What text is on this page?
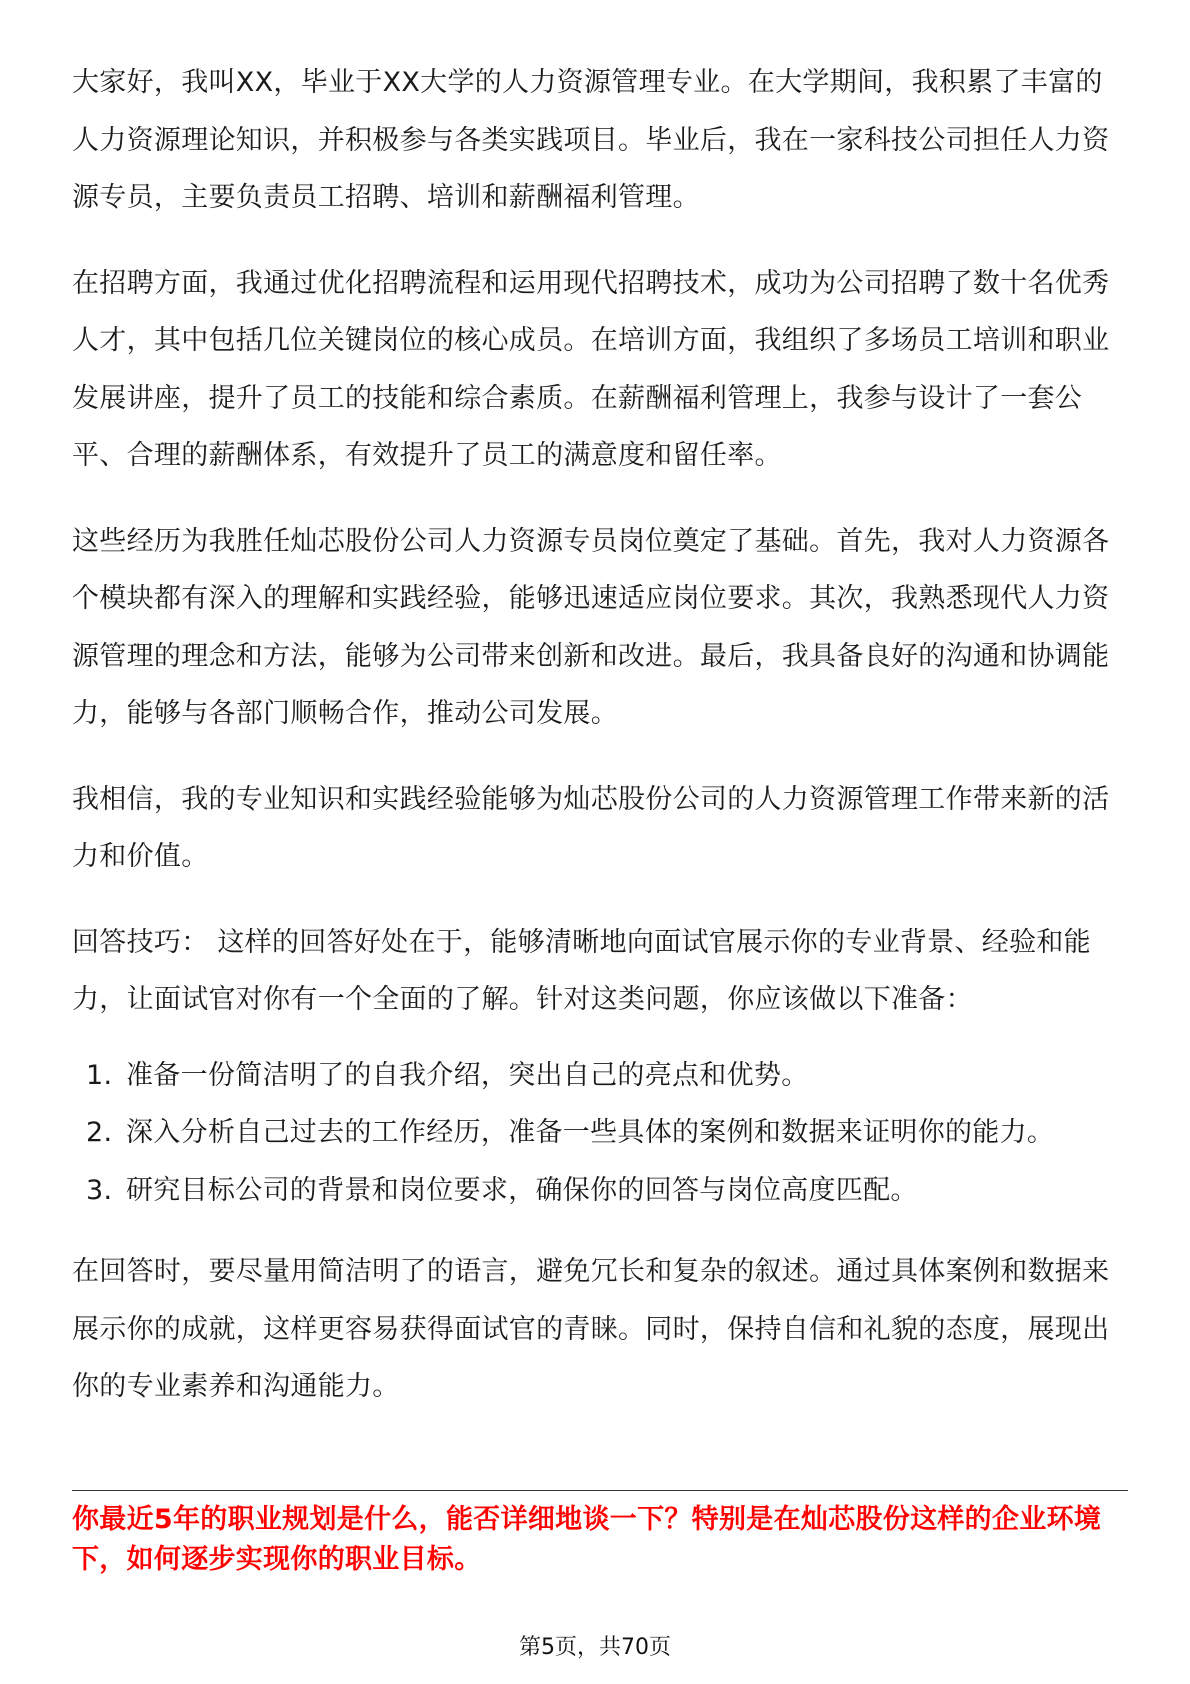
大家好，我叫XX，毕业于XX大学的人力资源管理专业。在大学期间，我积累了丰富的人力资源理论知识，并积极参与各类实践项目。毕业后，我在一家科技公司担任人力资源专员，主要负责员工招聘、培训和薪酬福利管理。

在招聘方面，我通过优化招聘流程和运用现代招聘技术，成功为公司招聘了数十名优秀人才，其中包括几位关键岗位的核心成员。在培训方面，我组织了多场员工培训和职业发展讲座，提升了员工的技能和综合素质。在薪酬福利管理上，我参与设计了一套公平、合理的薪酬体系，有效提升了员工的满意度和留任率。

这些经历为我胜任灿芯股份公司人力资源专员岗位奠定了基础。首先，我对人力资源各个模块都有深入的理解和实践经验，能够迅速适应岗位要求。其次，我熟悉现代人力资源管理的理念和方法，能够为公司带来创新和改进。最后，我具备良好的沟通和协调能力，能够与各部门顺畅合作，推动公司发展。

我相信，我的专业知识和实践经验能够为灿芯股份公司的人力资源管理工作带来新的活力和价值。

回答技巧： 这样的回答好处在于，能够清晰地向面试官展示你的专业背景、经验和能力，让面试官对你有一个全面的了解。针对这类问题，你应该做以下准备：

1. 准备一份简洁明了的自我介绍，突出自己的亮点和优势。
2. 深入分析自己过去的工作经历，准备一些具体的案例和数据来证明你的能力。
3. 研究目标公司的背景和岗位要求，确保你的回答与岗位高度匹配。

在回答时，要尽量用简洁明了的语言，避免冗长和复杂的叙述。通过具体案例和数据来展示你的成就，这样更容易获得面试官的青睐。同时，保持自信和礼貌的态度，展现出你的专业素养和沟通能力。

你最近5年的职业规划是什么，能否详细地谈一下？特别是在灿芯股份这样的企业环境下，如何逐步实现你的职业目标。

第5页，共70页
